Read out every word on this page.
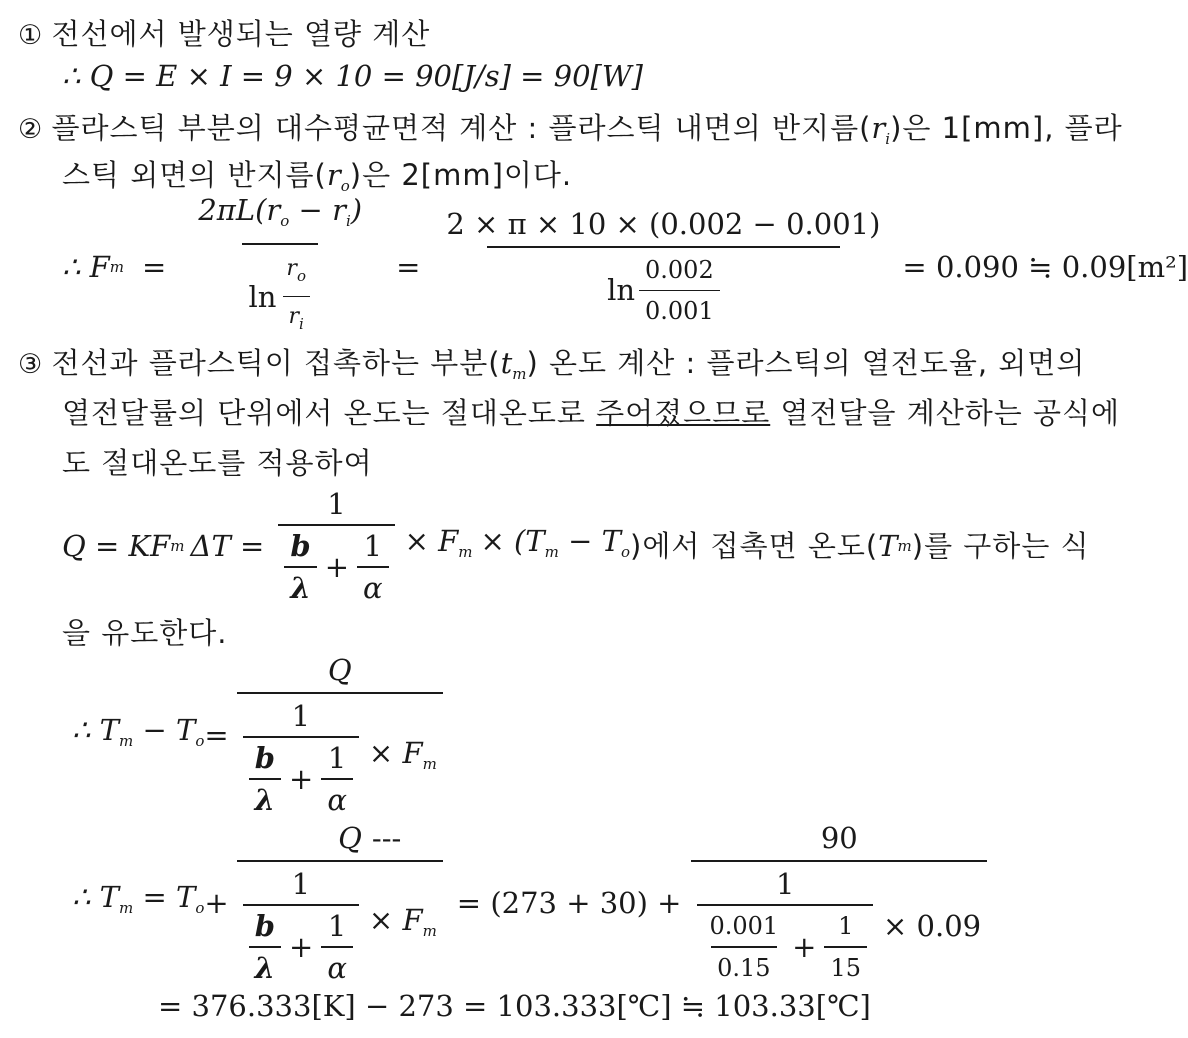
① 전선에서 발생되는 열량 계산
∴ Q = E × I = 9 × 10 = 90[J/s] = 90[W]
② 플라스틱 부분의 대수평균면적 계산 : 플라스틱 내면의 반지름$(r_i)$은 1[mm], 플라
스틱 외면의 반지름$(r_o)$은 2[mm]이다.
∴ F $m = \frac{2\pi L(r_o - r_i)}{\ln \frac{r_o}{r_i}} = \frac{2 \times \pi \times 10 \times (0.002 - 0.001)}{\ln \frac{0.002}{0.001}} = 0.090$ ≒ 0.09[m²]
③ 전선과 플라스틱이 접촉하는 부분$(t_m)$ 온도 계산 : 플라스틱의 열전도율, 외면의
열전달률의 단위에서 온도는 절대온도로 주어졌으므로 열전달을 계산하는 공식에
도 절대온도를 적용하여
Q = KF m $\Delta T = \frac{1}{\frac{b}{\lambda} + \frac{1}{\alpha}} \times F_m \times (T_m - T_o$ )에서 접촉면 온도( T m )를 구하는 식
을 유도한다.
∴ $T_m - T_o$ =
Q
$\frac{1}{\frac{b}{\lambda} + \frac{1}{\alpha}} \times F_m$
∴ $T_m = T_o$ +
Q ---
$\frac{1}{\frac{b}{\lambda} + \frac{1}{\alpha}} \times F_m$
= (273 + 30) +
90
$\frac{1}{\frac{0.001}{0.15} + \frac{1}{15}} \times 0.09$
= 376.333[K] − 273 = 103.333[℃] ≒ 103.33[℃]
